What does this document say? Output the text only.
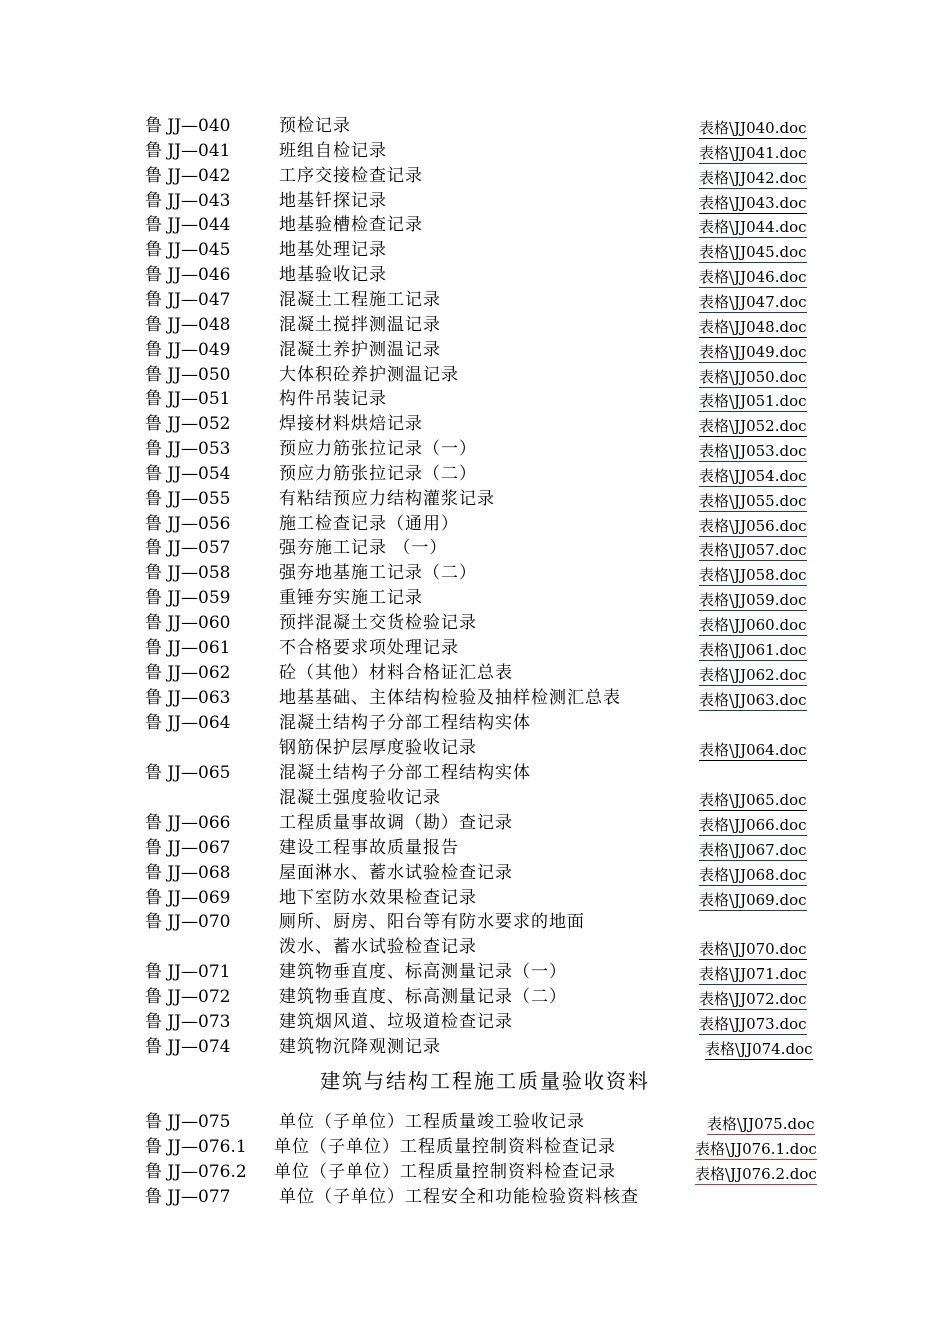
鲁 JJ—040	预检记录	表格\JJ040.doc
鲁 JJ—041	班组自检记录	表格\JJ041.doc
鲁 JJ—042	工序交接检查记录	表格\JJ042.doc
鲁 JJ—043	地基钎探记录	表格\JJ043.doc
鲁 JJ—044	地基验槽检查记录	表格\JJ044.doc
鲁 JJ—045	地基处理记录	表格\JJ045.doc
鲁 JJ—046	地基验收记录	表格\JJ046.doc
鲁 JJ—047	混凝土工程施工记录	表格\JJ047.doc
鲁 JJ—048	混凝土搅拌测温记录	表格\JJ048.doc
鲁 JJ—049	混凝土养护测温记录	表格\JJ049.doc
鲁 JJ—050	大体积砼养护测温记录	表格\JJ050.doc
鲁 JJ—051	构件吊装记录	表格\JJ051.doc
鲁 JJ—052	焊接材料烘焙记录	表格\JJ052.doc
鲁 JJ—053	预应力筋张拉记录（一）	表格\JJ053.doc
鲁 JJ—054	预应力筋张拉记录（二）	表格\JJ054.doc
鲁 JJ—055	有粘结预应力结构灌浆记录	表格\JJ055.doc
鲁 JJ—056	施工检查记录（通用）	表格\JJ056.doc
鲁 JJ—057	强夯施工记录 （一）	表格\JJ057.doc
鲁 JJ—058	强夯地基施工记录（二）	表格\JJ058.doc
鲁 JJ—059	重锤夯实施工记录	表格\JJ059.doc
鲁 JJ—060	预拌混凝土交货检验记录	表格\JJ060.doc
鲁 JJ—061	不合格要求项处理记录	表格\JJ061.doc
鲁 JJ—062	砼（其他）材料合格证汇总表	表格\JJ062.doc
鲁 JJ—063	地基基础、主体结构检验及抽样检测汇总表	表格\JJ063.doc
鲁 JJ—064	混凝土结构子分部工程结构实体
钢筋保护层厚度验收记录	表格\JJ064.doc
鲁 JJ—065	混凝土结构子分部工程结构实体
混凝土强度验收记录	表格\JJ065.doc
鲁 JJ—066	工程质量事故调（勘）查记录	表格\JJ066.doc
鲁 JJ—067	建设工程事故质量报告	表格\JJ067.doc
鲁 JJ—068	屋面淋水、蓄水试验检查记录	表格\JJ068.doc
鲁 JJ—069	地下室防水效果检查记录	表格\JJ069.doc
鲁 JJ—070	厕所、厨房、阳台等有防水要求的地面
泼水、蓄水试验检查记录	表格\JJ070.doc
鲁 JJ—071	建筑物垂直度、标高测量记录（一）	表格\JJ071.doc
鲁 JJ—072	建筑物垂直度、标高测量记录（二）	表格\JJ072.doc
鲁 JJ—073	建筑烟风道、垃圾道检查记录	表格\JJ073.doc
鲁 JJ—074	建筑物沉降观测记录	表格\JJ074.doc
建筑与结构工程施工质量验收资料
鲁 JJ—075	单位（子单位）工程质量竣工验收记录	表格\JJ075.doc
鲁 JJ—076.1 单位（子单位）工程质量控制资料检查记录	表格\JJ076.1.doc
鲁 JJ—076.2 单位（子单位）工程质量控制资料检查记录	表格\JJ076.2.doc
鲁 JJ—077	单位（子单位）工程安全和功能检验资料核查
